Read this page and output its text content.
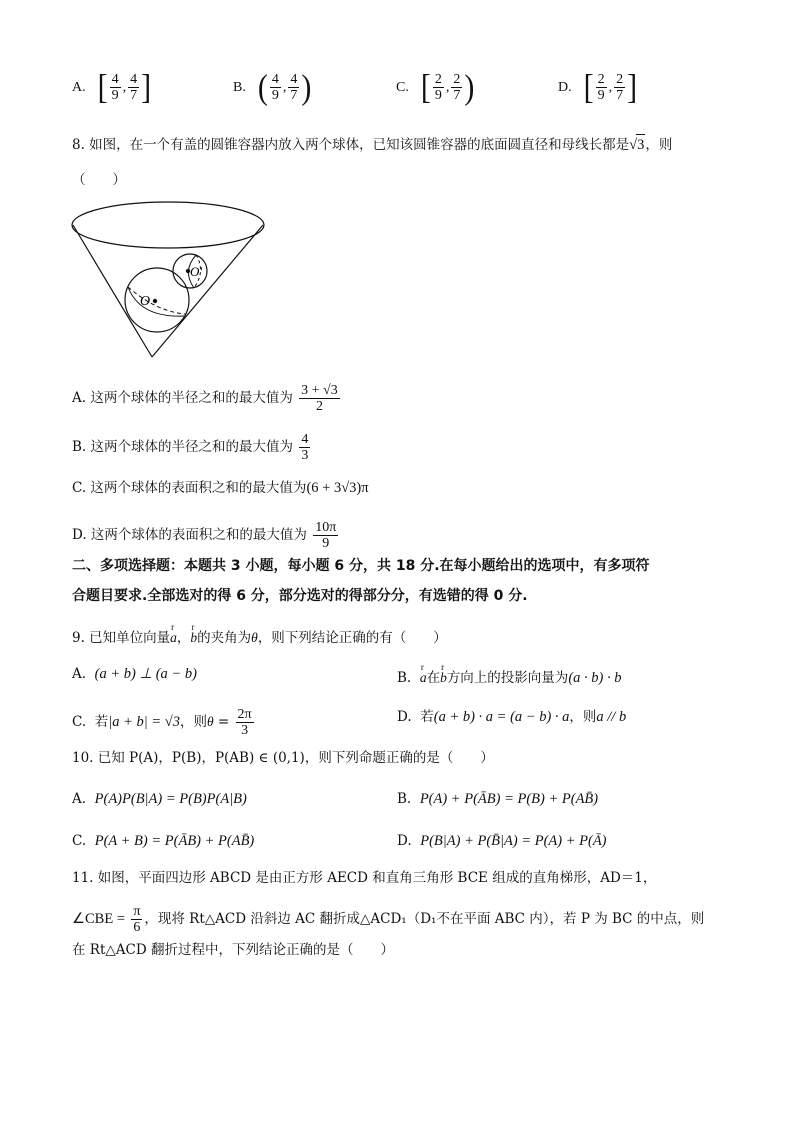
A. [ $\frac{4}{9}$ , $\frac{4}{7}$ ]	B. ( $\frac{4}{9}$ , $\frac{4}{7}$ )	C. [ $\frac{2}{9}$ , $\frac{2}{7}$ )	D. [ $\frac{2}{9}$ , $\frac{2}{7}$ ]
8. 如图，在一个有盖的圆锥容器内放入两个球体，已知该圆锥容器的底面圆直径和母线长都是√3，则
（　　）
O
O'
A. 这两个球体的半径之和的最大值为 $\frac{3 + √3}{2}$
B. 这两个球体的半径之和的最大值为 $\frac{4}{3}$
C. 这两个球体的表面积之和的最大值为(6 + 3√3)π
D. 这两个球体的表面积之和的最大值为 $\frac{10\pi}{9}$
二、多项选择题：本题共 3 小题，每小题 6 分，共 18 分.在每小题给出的选项中，有多项符
合题目要求.全部选对的得 6 分，部分选对的得部分分，有选错的得 0 分.
9. 已知单位向量r a，r b的夹角为θ，则下列结论正确的有（　　）
A. (a + b) ⊥ (a − b)	B.  r a在r b方向上的投影向量为(a · b) · b
C. 若|a + b| = √3，则$\theta = \frac{2\pi}{3}$	D. 若(a + b) · a = (a − b) · a，则a // b
10. 已知 P(A)，P(B)，P(AB) ∈ (0,1)，则下列命题正确的是（　　）
A. P(A)P(B|A) = P(B)P(A|B)	B. P(A) + P(ĀB) = P(B) + P(AB̄)
C. P(A + B) = P(ĀB) + P(AB̄)	D. P(B|A) + P(B̄|A) = P(A) + P(Ā)
11. 如图，平面四边形 ABCD 是由正方形 AECD 和直角三角形 BCE 组成的直角梯形，AD＝1，
∠CBE = $\frac{\pi}{6}$ ，现将 Rt△ACD 沿斜边 AC 翻折成△ACD₁（D₁不在平面 ABC 内），若 P 为 BC 的中点，则
在 Rt△ACD 翻折过程中，下列结论正确的是（　　）
